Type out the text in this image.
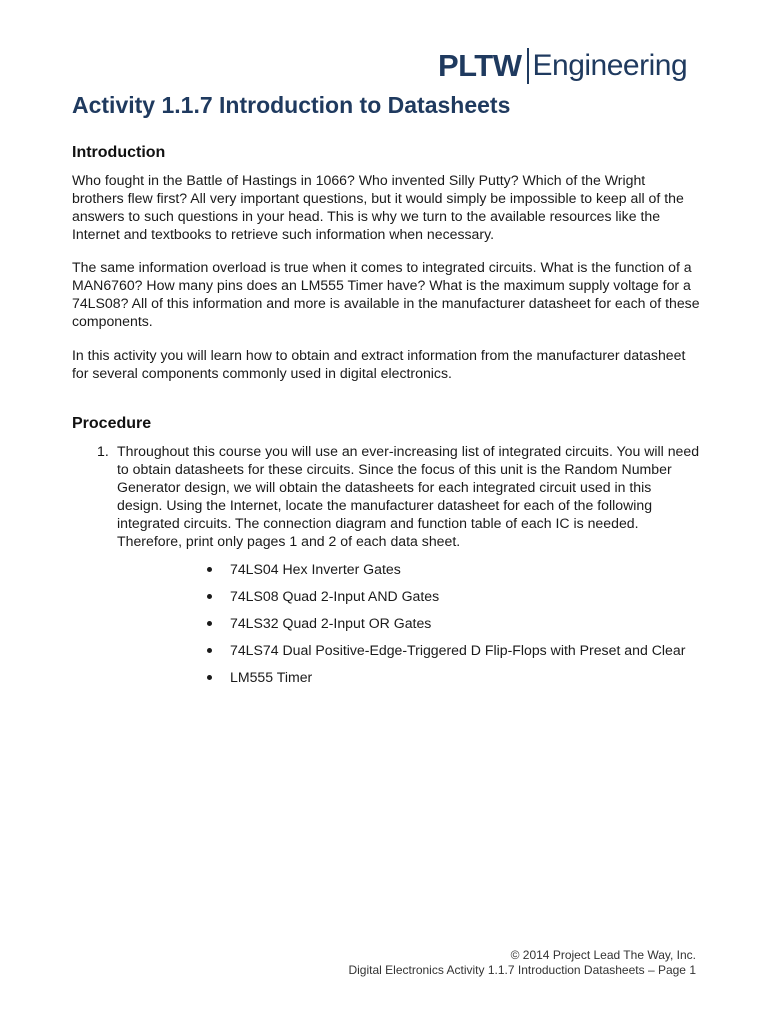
PLTW Engineering
Activity 1.1.7 Introduction to Datasheets
Introduction

Who fought in the Battle of Hastings in 1066? Who invented Silly Putty? Which of the Wright brothers flew first? All very important questions, but it would simply be impossible to keep all of the answers to such questions in your head. This is why we turn to the available resources like the Internet and textbooks to retrieve such information when necessary.

The same information overload is true when it comes to integrated circuits. What is the function of a MAN6760? How many pins does an LM555 Timer have? What is the maximum supply voltage for a 74LS08? All of this information and more is available in the manufacturer datasheet for each of these components.

In this activity you will learn how to obtain and extract information from the manufacturer datasheet for several components commonly used in digital electronics.

Procedure
1. Throughout this course you will use an ever-increasing list of integrated circuits. You will need to obtain datasheets for these circuits. Since the focus of this unit is the Random Number Generator design, we will obtain the datasheets for each integrated circuit used in this design. Using the Internet, locate the manufacturer datasheet for each of the following integrated circuits. The connection diagram and function table of each IC is needed. Therefore, print only pages 1 and 2 of each data sheet.

74LS04 Hex Inverter Gates
74LS08 Quad 2-Input AND Gates
74LS32 Quad 2-Input OR Gates
74LS74 Dual Positive-Edge-Triggered D Flip-Flops with Preset and Clear
LM555 Timer
© 2014 Project Lead The Way, Inc.
Digital Electronics Activity 1.1.7 Introduction Datasheets – Page 1
